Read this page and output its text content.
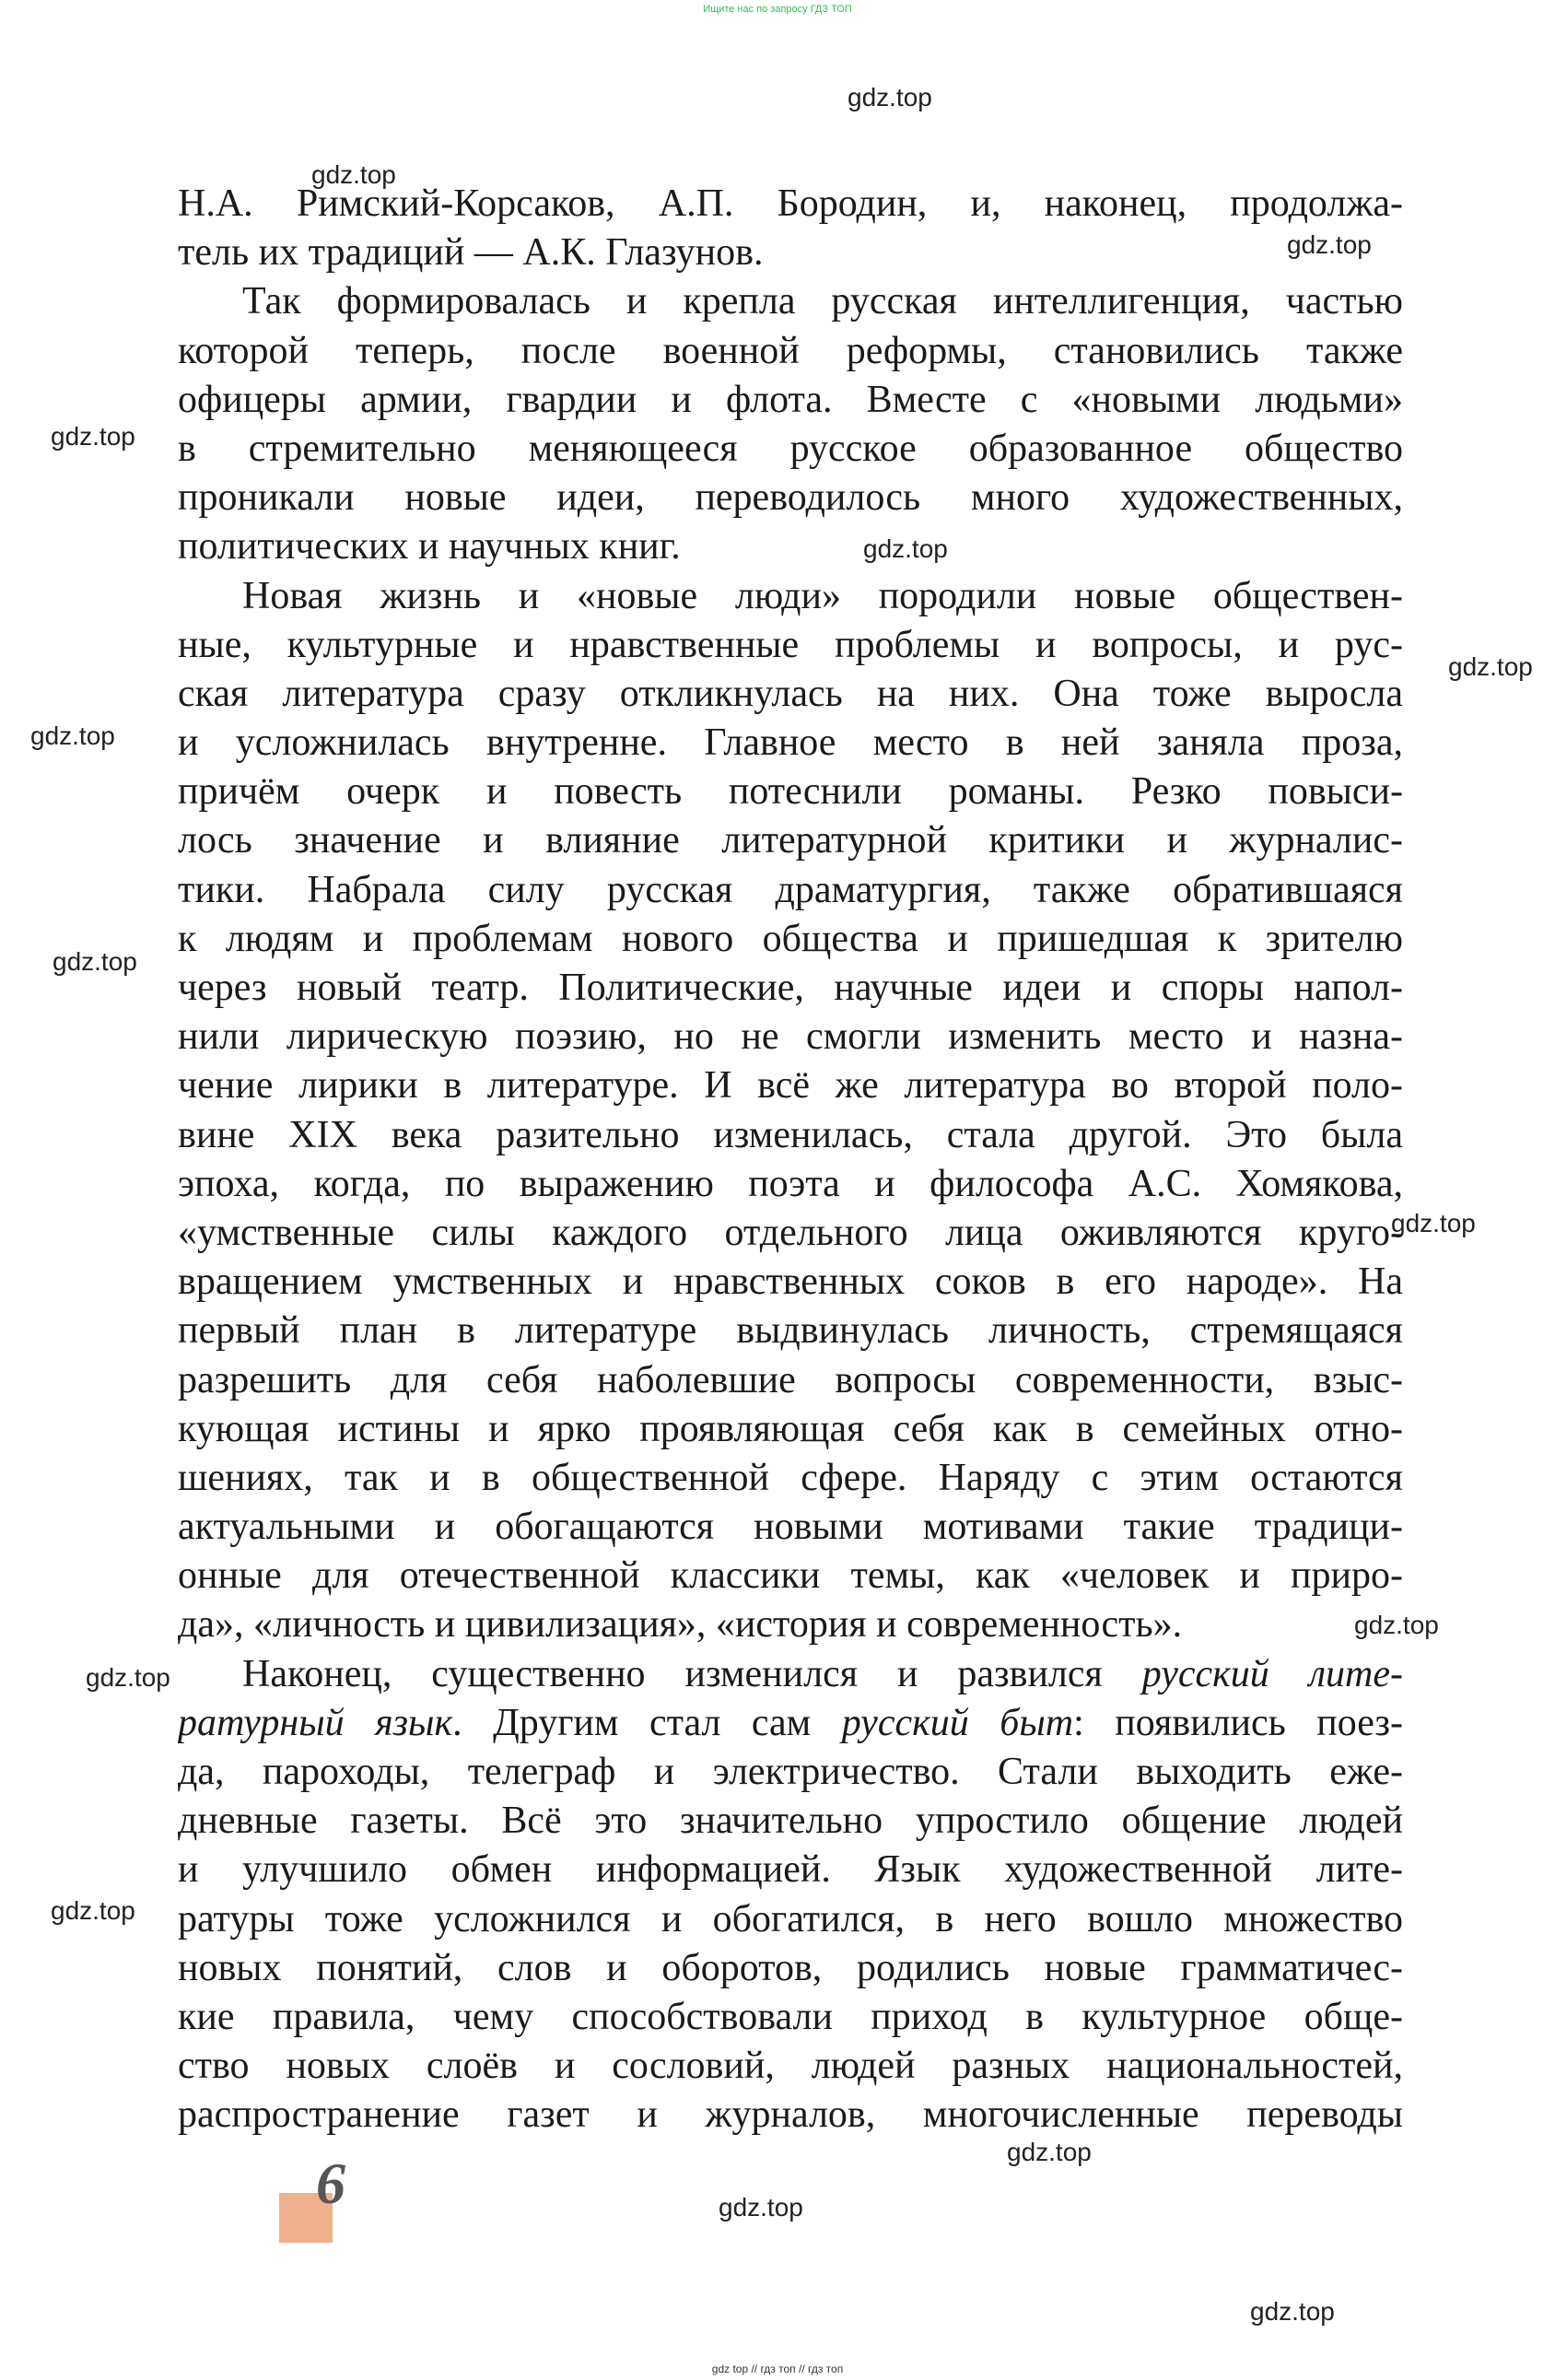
Ищите нас по запросу ГДЗ ТОП
gdz.top
gdz.top
gdz.top
gdz.top
gdz.top
gdz.top
gdz.top
gdz.top
gdz.top
gdz.top
gdz.top
gdz.top
gdz.top
gdz.top
gdz.top
Н.А. Римский-Корсаков, А.П. Бородин, и, наконец, продолжа-
тель их традиций — А.К. Глазунов.
Так формировалась и крепла русская интеллигенция, частью
которой теперь, после военной реформы, становились также
офицеры армии, гвардии и флота. Вместе с «новыми людьми»
в стремительно меняющееся русское образованное общество
проникали новые идеи, переводилось много художественных,
политических и научных книг.
Новая жизнь и «новые люди» породили новые обществен-
ные, культурные и нравственные проблемы и вопросы, и рус-
ская литература сразу откликнулась на них. Она тоже выросла
и усложнилась внутренне. Главное место в ней заняла проза,
причём очерк и повесть потеснили романы. Резко повыси-
лось значение и влияние литературной критики и журналис-
тики. Набрала силу русская драматургия, также обратившаяся
к людям и проблемам нового общества и пришедшая к зрителю
через новый театр. Политические, научные идеи и споры напол-
нили лирическую поэзию, но не смогли изменить место и назна-
чение лирики в литературе. И всё же литература во второй поло-
вине XIX века разительно изменилась, стала другой. Это была
эпоха, когда, по выражению поэта и философа А.С. Хомякова,
«умственные силы каждого отдельного лица оживляются круго-
вращением умственных и нравственных соков в его народе». На
первый план в литературе выдвинулась личность, стремящаяся
разрешить для себя наболевшие вопросы современности, взыс-
кующая истины и ярко проявляющая себя как в семейных отно-
шениях, так и в общественной сфере. Наряду с этим остаются
актуальными и обогащаются новыми мотивами такие традици-
онные для отечественной классики темы, как «человек и приро-
да», «личность и цивилизация», «история и современность».
Наконец, существенно изменился и развился русский лите-
ратурный язык. Другим стал сам русский быт: появились поез-
да, пароходы, телеграф и электричество. Стали выходить еже-
дневные газеты. Всё это значительно упростило общение людей
и улучшило обмен информацией. Язык художественной лите-
ратуры тоже усложнился и обогатился, в него вошло множество
новых понятий, слов и оборотов, родились новые грамматичес-
кие правила, чему способствовали приход в культурное обще-
ство новых слоёв и сословий, людей разных национальностей,
распространение газет и журналов, многочисленные переводы
6
gdz top // гдз топ // гдз топ
